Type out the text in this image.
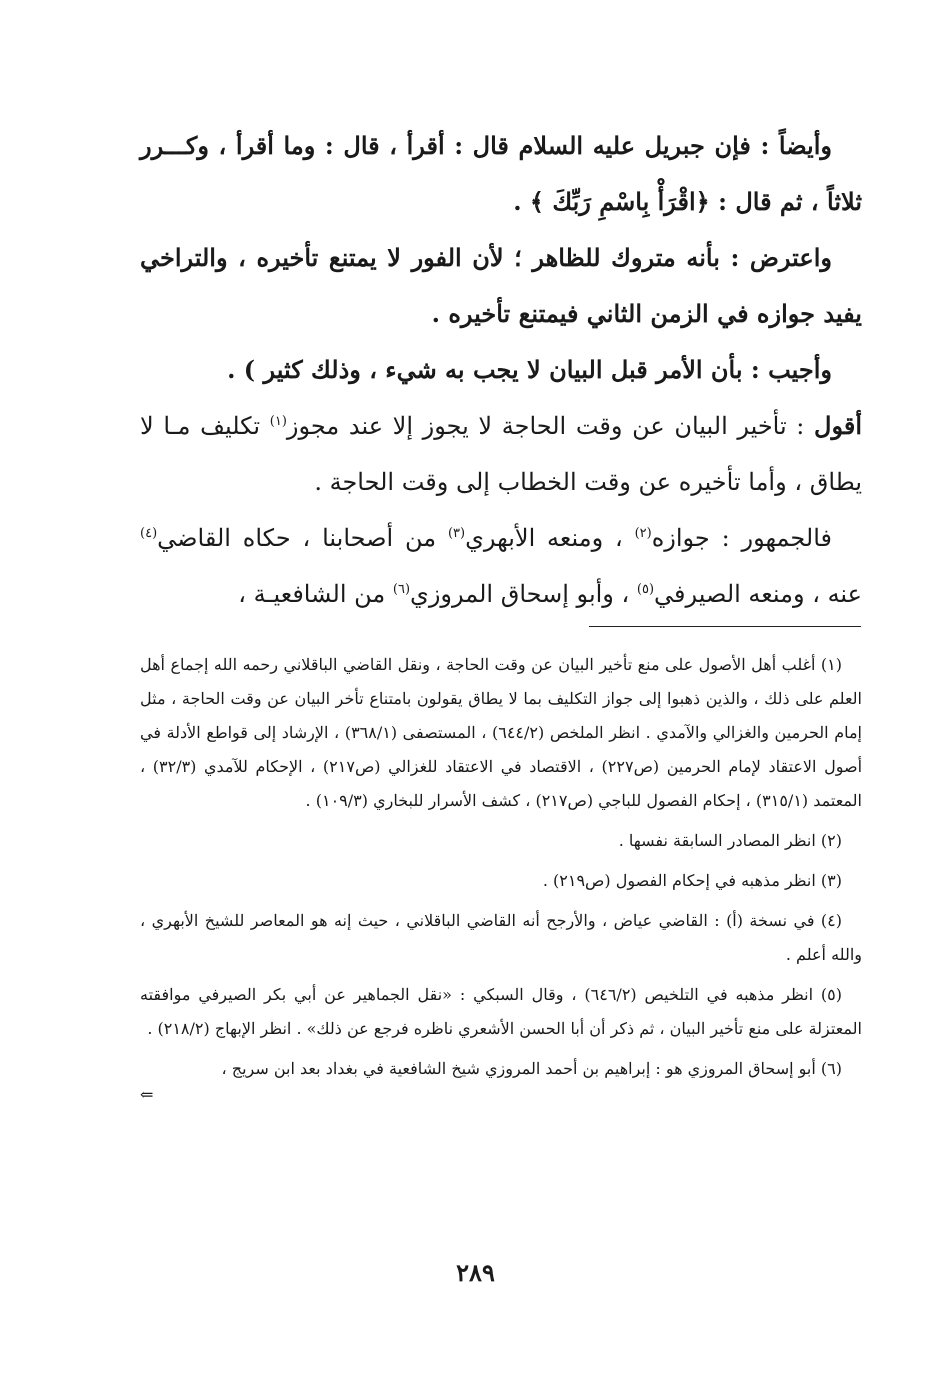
وأيضاً : فإن جبريل عليه السلام قال : أقرأ ، قال : وما أقرأ ، وكـــرر ثلاثاً ، ثم قال : ﴿اقْرَأْ بِاسْمِ رَبِّكَ ﴾ .

واعترض : بأنه متروك للظاهر ؛ لأن الفور لا يمتنع تأخيره ، والتراخي يفيد جوازه في الزمن الثاني فيمتنع تأخيره .

وأجيب : بأن الأمر قبل البيان لا يجب به شيء ، وذلك كثير ) .

أقول : تأخير البيان عن وقت الحاجة لا يجوز إلا عند مجوز$^{(١)}$ تكليف مـا لا يطاق ، وأما تأخيره عن وقت الخطاب إلى وقت الحاجة .

فالجمهور : جوازه$^{(٢)}$ ، ومنعه الأبهري$^{(٣)}$ من أصحابنا ، حكاه القاضي$^{(٤)}$ عنه ، ومنعه الصيرفي$^{(٥)}$ ، وأبو إسحاق المروزي$^{(٦)}$ من الشافعيـة ،

(١) أغلب أهل الأصول على منع تأخير البيان عن وقت الحاجة ، ونقل القاضي الباقلاني رحمه الله إجماع أهل العلم على ذلك ، والذين ذهبوا إلى جواز التكليف بما لا يطاق يقولون بامتناع تأخر البيان عن وقت الحاجة ، مثل إمام الحرمين والغزالي والآمدي . انظر الملخص (٦٤٤/٢) ، المستصفى (٣٦٨/١) ، الإرشاد إلى قواطع الأدلة في أصول الاعتقاد لإمام الحرمين (ص٢٢٧) ، الاقتصاد في الاعتقاد للغزالي (ص٢١٧) ، الإحكام للآمدي (٣٢/٣) ، المعتمد (٣١٥/١) ، إحكام الفصول للباجي (ص٢١٧) ، كشف الأسرار للبخاري (١٠٩/٣) .

(٢) انظر المصادر السابقة نفسها .

(٣) انظر مذهبه في إحكام الفصول (ص٢١٩) .

(٤) في نسخة (أ) : القاضي عياض ، والأرجح أنه القاضي الباقلاني ، حيث إنه هو المعاصر للشيخ الأبهري ، والله أعلم .

(٥) انظر مذهبه في التلخيص (٦٤٦/٢) ، وقال السبكي : «نقل الجماهير عن أبي بكر الصيرفي موافقته المعتزلة على منع تأخير البيان ، ثم ذكر أن أبا الحسن الأشعري ناظره فرجع عن ذلك» . انظر الإبهاج (٢١٨/٢) .

(٦) أبو إسحاق المروزي هو : إبراهيم بن أحمد المروزي شيخ الشافعية في بغداد بعد ابن سريج ،

⇐
٢٨٩
